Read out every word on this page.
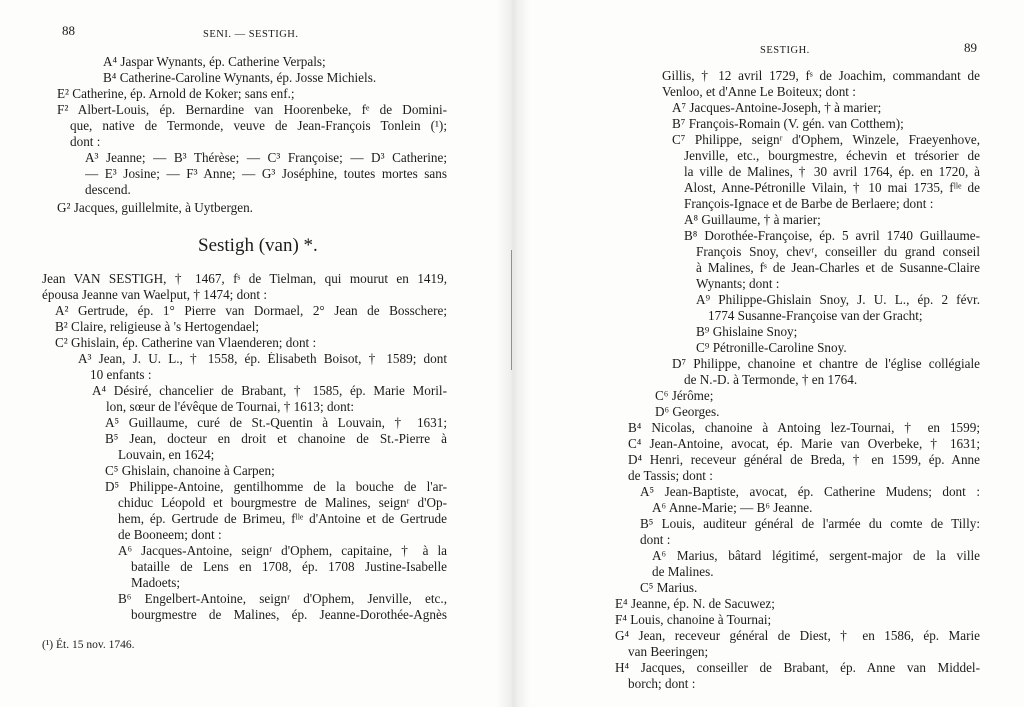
88	SENI. — SESTIGH.
A⁴ Jaspar Wynants, ép. Catherine Verpals;
B⁴ Catherine-Caroline Wynants, ép. Josse Michiels.
E² Catherine, ép. Arnold de Koker; sans enf.;
F² Albert-Louis, ép. Bernardine van Hoorenbeke, fᵉ de Domini-
que, native de Termonde, veuve de Jean-François Tonlein (¹);
dont :
A³ Jeanne; — B³ Thérèse; — C³ Françoise; — D³ Catherine;
— E³ Josine; — F³ Anne; — G³ Joséphine, toutes mortes sans
descend.
G² Jacques, guillelmite, à Uytbergen.
Sestigh (van) *.
Jean VAN SESTIGH, † 1467, fˢ de Tielman, qui mourut en 1419,
épousa Jeanne van Waelput, † 1474; dont :
A² Gertrude, ép. 1° Pierre van Dormael, 2° Jean de Bosschere;
B² Claire, religieuse à 's Hertogendael;
C² Ghislain, ép. Catherine van Vlaenderen; dont :
A³ Jean, J. U. L., † 1558, ép. Élisabeth Boisot, † 1589; dont
10 enfants :
A⁴ Désiré, chancelier de Brabant, † 1585, ép. Marie Moril-
lon, sœur de l'évêque de Tournai, † 1613; dont:
A⁵ Guillaume, curé de St.-Quentin à Louvain, † 1631;
B⁵ Jean, docteur en droit et chanoine de St.-Pierre à
Louvain, en 1624;
C⁵ Ghislain, chanoine à Carpen;
D⁵ Philippe-Antoine, gentilhomme de la bouche de l'ar-
chiduc Léopold et bourgmestre de Malines, seignʳ d'Op-
hem, ép. Gertrude de Brimeu, fˡˡᵉ d'Antoine et de Gertrude
de Booneem; dont :
A⁶ Jacques-Antoine, seignʳ d'Ophem, capitaine, † à la
bataille de Lens en 1708, ép. 1708 Justine-Isabelle
Madoets;
B⁶ Engelbert-Antoine, seignʳ d'Ophem, Jenville, etc.,
bourgmestre de Malines, ép. Jeanne-Dorothée-Agnès
(¹) Ét. 15 nov. 1746.
SESTIGH.	89
Gillis, † 12 avril 1729, fˢ de Joachim, commandant de
Venloo, et d'Anne Le Boiteux; dont :
A⁷ Jacques-Antoine-Joseph, † à marier;
B⁷ François-Romain (V. gén. van Cotthem);
C⁷ Philippe, seignʳ d'Ophem, Winzele, Fraeyenhove,
Jenville, etc., bourgmestre, échevin et trésorier de
la ville de Malines, † 30 avril 1764, ép. en 1720, à
Alost, Anne-Pétronille Vilain, † 10 mai 1735, fˡˡᵉ de
François-Ignace et de Barbe de Berlaere; dont :
A⁸ Guillaume, † à marier;
B⁸ Dorothée-Françoise, ép. 5 avril 1740 Guillaume-
François Snoy, chevʳ, conseiller du grand conseil
à Malines, fˢ de Jean-Charles et de Susanne-Claire
Wynants; dont :
A⁹ Philippe-Ghislain Snoy, J. U. L., ép. 2 févr.
1774 Susanne-Françoise van der Gracht;
B⁹ Ghislaine Snoy;
C⁹ Pétronille-Caroline Snoy.
D⁷ Philippe, chanoine et chantre de l'église collégiale
de N.-D. à Termonde, † en 1764.
C⁶ Jérôme;
D⁶ Georges.
B⁴ Nicolas, chanoine à Antoing lez-Tournai, † en 1599;
C⁴ Jean-Antoine, avocat, ép. Marie van Overbeke, † 1631;
D⁴ Henri, receveur général de Breda, † en 1599, ép. Anne
de Tassis; dont :
A⁵ Jean-Baptiste, avocat, ép. Catherine Mudens; dont :
A⁶ Anne-Marie; — B⁶ Jeanne.
B⁵ Louis, auditeur général de l'armée du comte de Tilly:
dont :
A⁶ Marius, bâtard légitimé, sergent-major de la ville
de Malines.
C⁵ Marius.
E⁴ Jeanne, ép. N. de Sacuwez;
F⁴ Louis, chanoine à Tournai;
G⁴ Jean, receveur général de Diest, † en 1586, ép. Marie
van Beeringen;
H⁴ Jacques, conseiller de Brabant, ép. Anne van Middel-
borch; dont :
